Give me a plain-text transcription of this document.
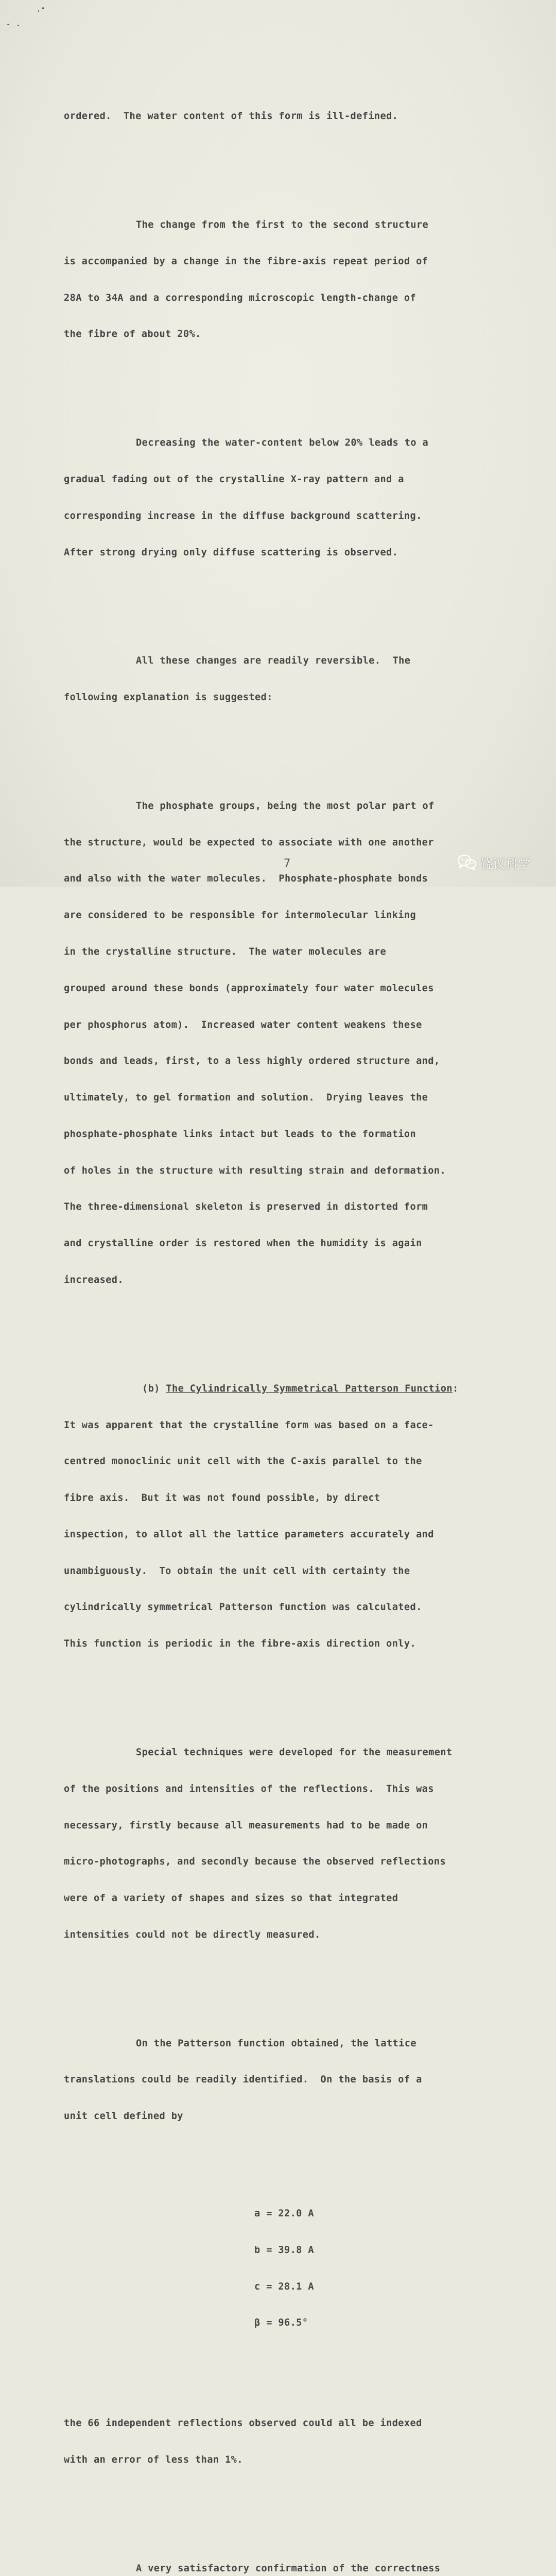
ordered.  The water content of this form is ill-defined.

The change from the first to the second structure

is accompanied by a change in the fibre-axis repeat period of

28A to 34A and a corresponding microscopic length-change of

the fibre of about 20%.

Decreasing the water-content below 20% leads to a

gradual fading out of the crystalline X-ray pattern and a

corresponding increase in the diffuse background scattering.

After strong drying only diffuse scattering is observed.

All these changes are readily reversible.  The

following explanation is suggested:

The phosphate groups, being the most polar part of

the structure, would be expected to associate with one another

and also with the water molecules.  Phosphate-phosphate bonds

are considered to be responsible for intermolecular linking

in the crystalline structure.  The water molecules are

grouped around these bonds (approximately four water molecules

per phosphorus atom).  Increased water content weakens these

bonds and leads, first, to a less highly ordered structure and,

ultimately, to gel formation and solution.  Drying leaves the

phosphate-phosphate links intact but leads to the formation

of holes in the structure with resulting strain and deformation.

The three-dimensional skeleton is preserved in distorted form

and crystalline order is restored when the humidity is again

increased.

(b) The Cylindrically Symmetrical Patterson Function:

It was apparent that the crystalline form was based on a face-

centred monoclinic unit cell with the C-axis parallel to the

fibre axis.  But it was not found possible, by direct

inspection, to allot all the lattice parameters accurately and

unambiguously.  To obtain the unit cell with certainty the

cylindrically symmetrical Patterson function was calculated.

This function is periodic in the fibre-axis direction only.

Special techniques were developed for the measurement

of the positions and intensities of the reflections.  This was

necessary, firstly because all measurements had to be made on

micro-photographs, and secondly because the observed reflections

were of a variety of shapes and sizes so that integrated

intensities could not be directly measured.

On the Patterson function obtained, the lattice

translations could be readily identified.  On the basis of a

unit cell defined by

a = 22.0 A

b = 39.8 A

c = 28.1 A

β = 96.5°

the 66 independent reflections observed could all be indexed

with an error of less than 1%.

A very satisfactory confirmation of the correctness

7	饶议科学
